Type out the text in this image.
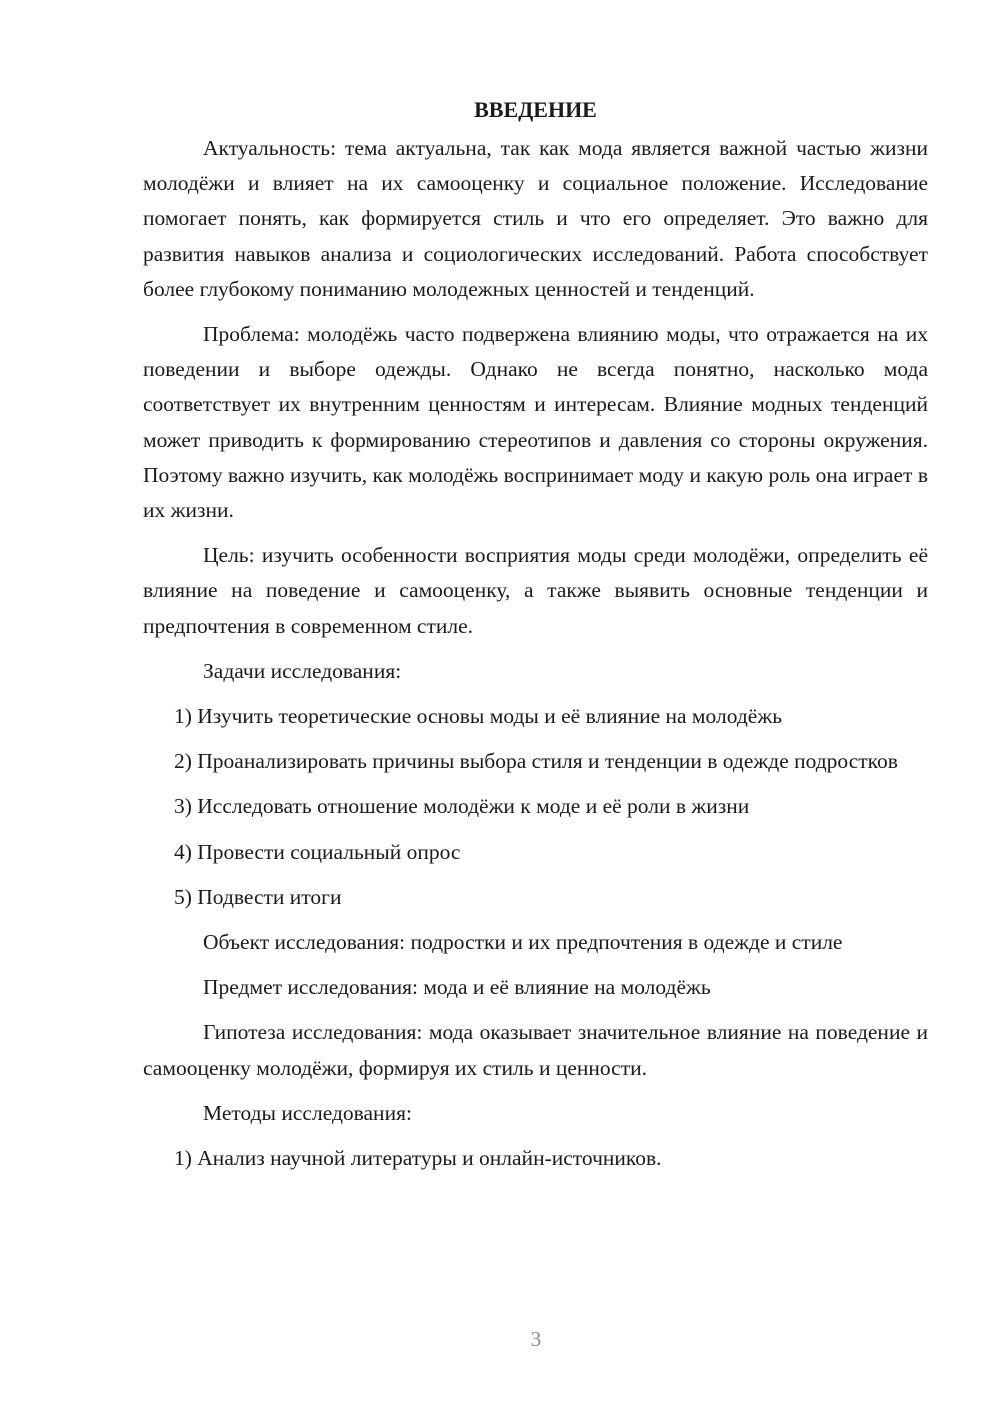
ВВЕДЕНИЕ

Актуальность: тема актуальна, так как мода является важной частью жизни молодёжи и влияет на их самооценку и социальное положение. Исследование помогает понять, как формируется стиль и что его определяет. Это важно для развития навыков анализа и социологических исследований. Работа способствует более глубокому пониманию молодежных ценностей и тенденций.

Проблема: молодёжь часто подвержена влиянию моды, что отражается на их поведении и выборе одежды. Однако не всегда понятно, насколько мода соответствует их внутренним ценностям и интересам. Влияние модных тенденций может приводить к формированию стереотипов и давления со стороны окружения. Поэтому важно изучить, как молодёжь воспринимает моду и какую роль она играет в их жизни.

Цель: изучить особенности восприятия моды среди молодёжи, определить её влияние на поведение и самооценку, а также выявить основные тенденции и предпочтения в современном стиле.

Задачи исследования:

1) Изучить теоретические основы моды и её влияние на молодёжь

2) Проанализировать причины выбора стиля и тенденции в одежде подростков

3) Исследовать отношение молодёжи к моде и её роли в жизни

4) Провести социальный опрос

5) Подвести итоги

Объект исследования: подростки и их предпочтения в одежде и стиле

Предмет исследования: мода и её влияние на молодёжь

Гипотеза исследования: мода оказывает значительное влияние на поведение и самооценку молодёжи, формируя их стиль и ценности.

Методы исследования:

1) Анализ научной литературы и онлайн-источников.

3
